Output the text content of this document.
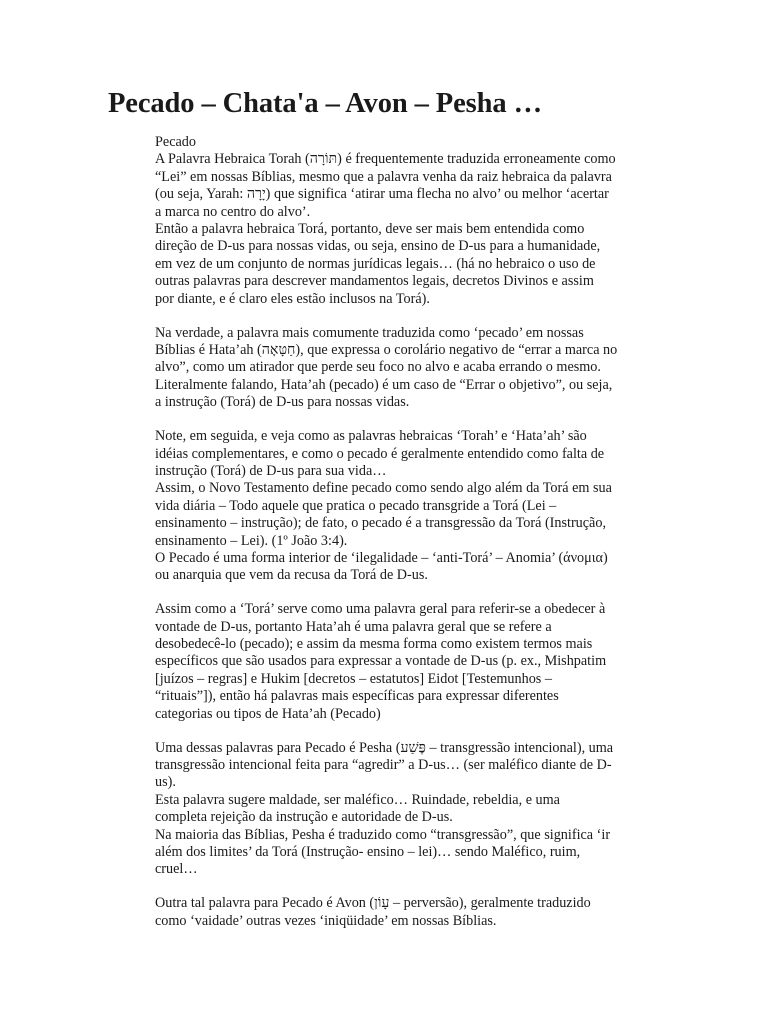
Pecado – Chata'a – Avon – Pesha …

Pecado

A Palavra Hebraica Torah (תּוֹרָה) é frequentemente traduzida erroneamente como

“Lei” em nossas Bíblias, mesmo que a palavra venha da raiz hebraica da palavra

(ou seja, Yarah: יָרָה) que significa ‘atirar uma flecha no alvo’ ou melhor ‘acertar

a marca no centro do alvo’.

Então a palavra hebraica Torá, portanto, deve ser mais bem entendida como

direção de D-us para nossas vidas, ou seja, ensino de D-us para a humanidade,

em vez de um conjunto de normas jurídicas legais… (há no hebraico o uso de

outras palavras para descrever mandamentos legais, decretos Divinos e assim

por diante, e é claro eles estão inclusos na Torá).

Na verdade, a palavra mais comumente traduzida como ‘pecado’ em nossas

Bíblias é Hata’ah (חַטָּאָה), que expressa o corolário negativo de “errar a marca no

alvo”, como um atirador que perde seu foco no alvo e acaba errando o mesmo.

Literalmente falando, Hata’ah (pecado) é um caso de “Errar o objetivo”, ou seja,

a instrução (Torá) de D-us para nossas vidas.

Note, em seguida, e veja como as palavras hebraicas ‘Torah’ e ‘Hata’ah’ são

idéias complementares, e como o pecado é geralmente entendido como falta de

instrução (Torá) de D-us para sua vida…

Assim, o Novo Testamento define pecado como sendo algo além da Torá em sua

vida diária – Todo aquele que pratica o pecado transgride a Torá (Lei –

ensinamento – instrução); de fato, o pecado é a transgressão da Torá (Instrução,

ensinamento – Lei). (1º João 3:4).

O Pecado é uma forma interior de ‘ilegalidade – ‘anti-Torá’ – Anomia’ (άνομια)

ou anarquia que vem da recusa da Torá de D-us.

Assim como a ‘Torá’ serve como uma palavra geral para referir-se a obedecer à

vontade de D-us, portanto Hata’ah é uma palavra geral que se refere a

desobedecê-lo (pecado); e assim da mesma forma como existem termos mais

específicos que são usados para expressar a vontade de D-us (p. ex., Mishpatim

[juízos – regras] e Hukim [decretos – estatutos] Eidot [Testemunhos –

“rituais”]), então há palavras mais específicas para expressar diferentes

categorias ou tipos de Hata’ah (Pecado)

Uma dessas palavras para Pecado é Pesha (פֶּשַׁע – transgressão intencional), uma

transgressão intencional feita para “agredir” a D-us… (ser maléfico diante de D-

us).

Esta palavra sugere maldade, ser maléfico… Ruindade, rebeldia, e uma

completa rejeição da instrução e autoridade de D-us.

Na maioria das Bíblias, Pesha é traduzido como “transgressão”, que significa ‘ir

além dos limites’ da Torá (Instrução- ensino – lei)… sendo Maléfico, ruim,

cruel…

Outra tal palavra para Pecado é Avon (עָוֹן – perversão), geralmente traduzido

como ‘vaidade’ outras vezes ‘iniqüidade’ em nossas Bíblias.
